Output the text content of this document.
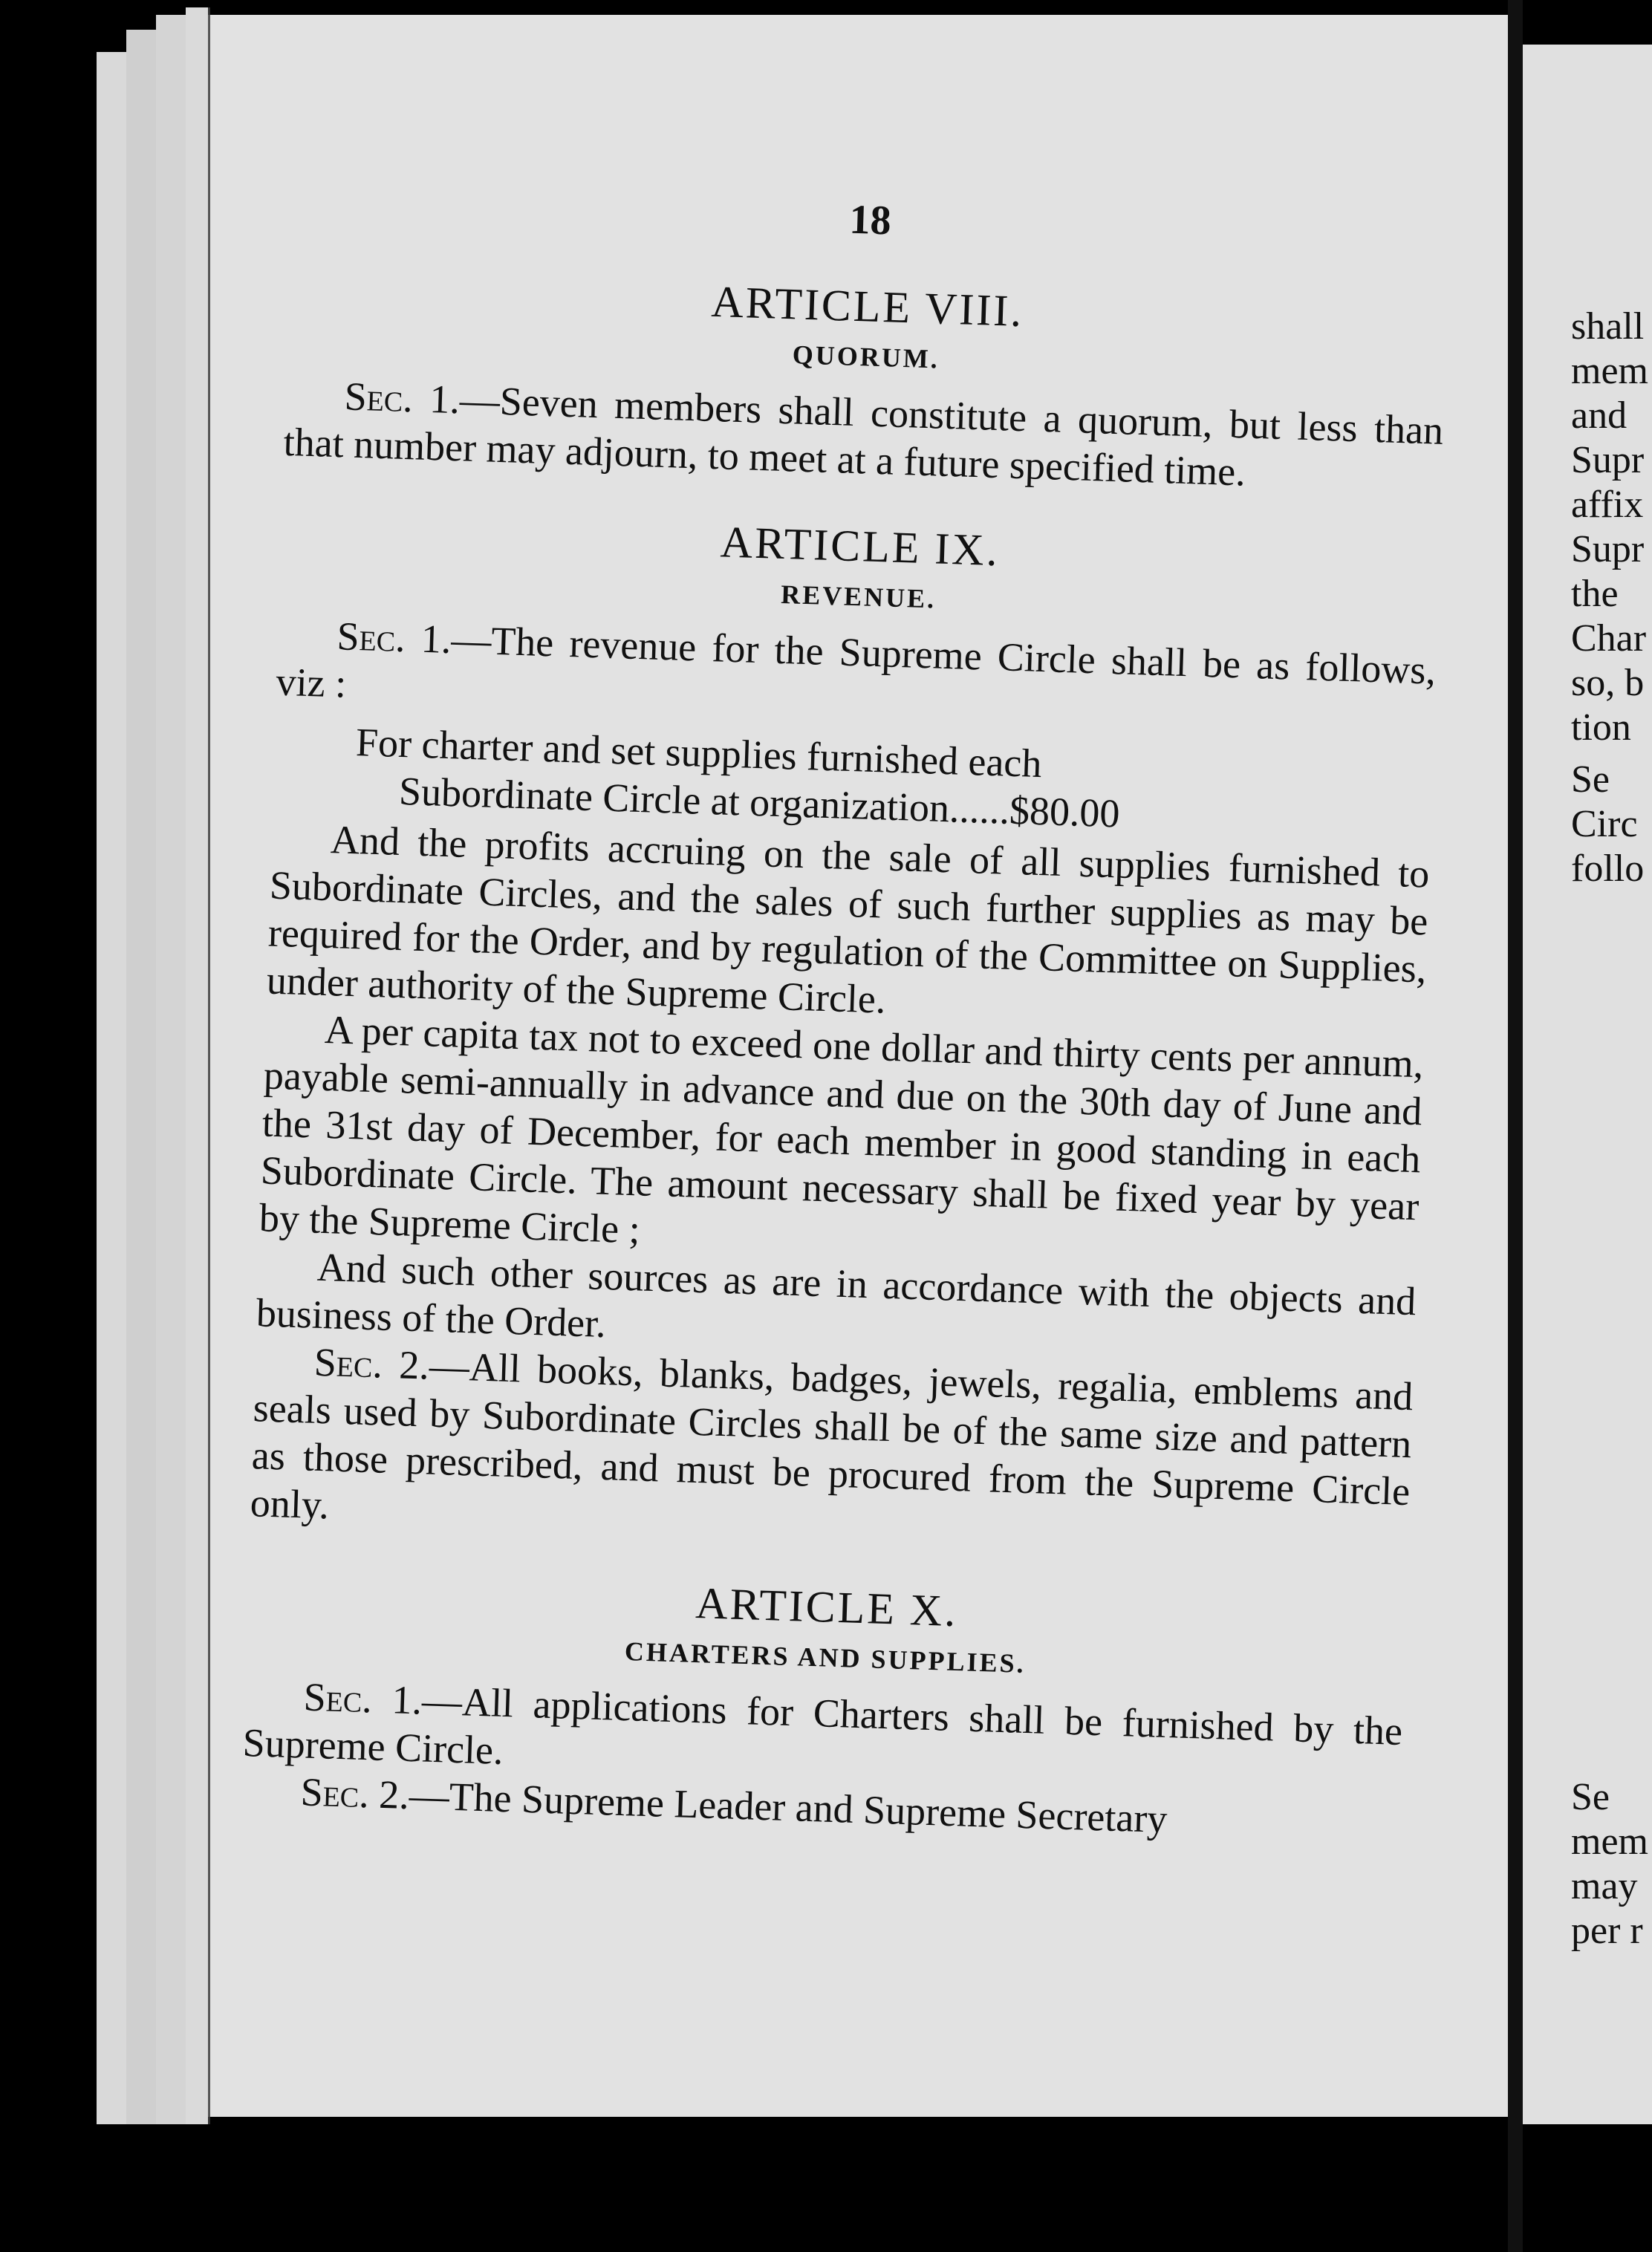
18
ARTICLE VIII.
QUORUM.

Sec. 1.—Seven members shall constitute a quorum, but less than that number may adjourn, to meet at a future specified time.

ARTICLE IX.
REVENUE.

Sec. 1.—The revenue for the Supreme Circle shall be as follows, viz :

For charter and set supplies furnished each
Subordinate Circle at organization......$80.00

And the profits accruing on the sale of all supplies furnished to Subordinate Circles, and the sales of such further supplies as may be required for the Order, and by regulation of the Committee on Supplies, under authority of the Supreme Circle.

A per capita tax not to exceed one dollar and thirty cents per annum, payable semi-annually in advance and due on the 30th day of June and the 31st day of December, for each member in good standing in each Subordinate Circle. The amount necessary shall be fixed year by year by the Supreme Circle ;

And such other sources as are in accordance with the objects and business of the Order.

Sec. 2.—All books, blanks, badges, jewels, regalia, emblems and seals used by Subordinate Circles shall be of the same size and pattern as those prescribed, and must be procured from the Supreme Circle only.

ARTICLE X.
CHARTERS AND SUPPLIES.

Sec. 1.—All applications for Charters shall be furnished by the Supreme Circle.

Sec. 2.—The Supreme Leader and Supreme Secretary

shall
mem
and
Supr
affix
Supr
the
Char
so, b
tion
Se
Circ
follo
Se
mem
may
per r
